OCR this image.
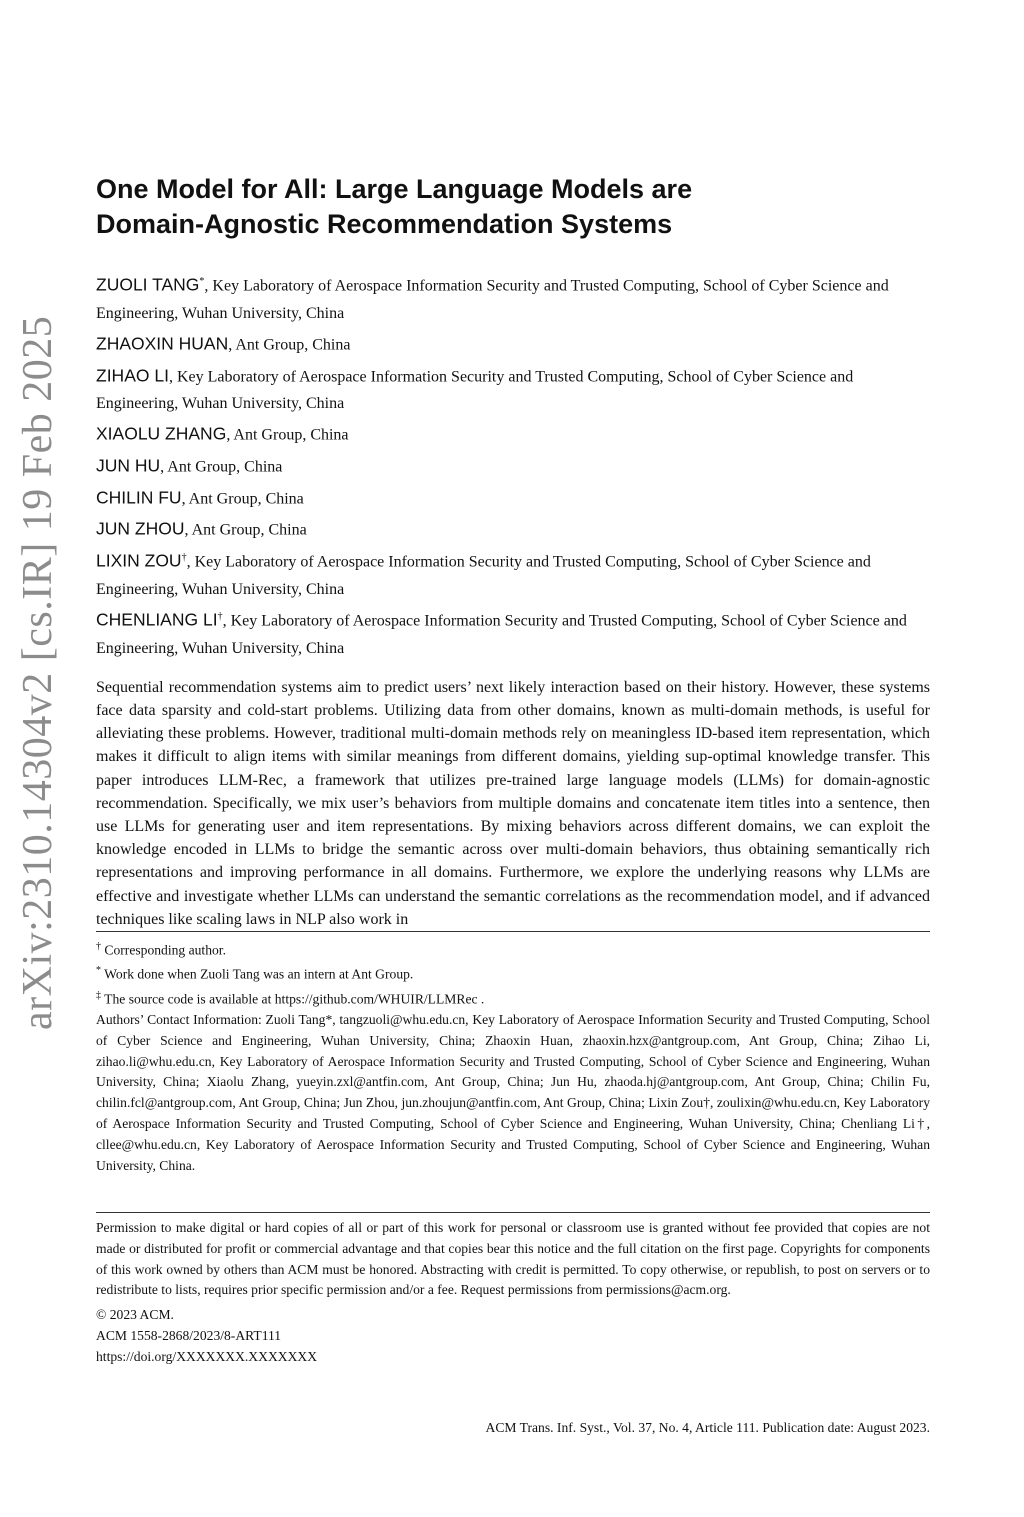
arXiv:2310.14304v2 [cs.IR] 19 Feb 2025
One Model for All: Large Language Models are
Domain-Agnostic Recommendation Systems

ZUOLI TANG*, Key Laboratory of Aerospace Information Security and Trusted Computing, School of Cyber Science and Engineering, Wuhan University, China

ZHAOXIN HUAN, Ant Group, China

ZIHAO LI, Key Laboratory of Aerospace Information Security and Trusted Computing, School of Cyber Science and Engineering, Wuhan University, China

XIAOLU ZHANG, Ant Group, China

JUN HU, Ant Group, China

CHILIN FU, Ant Group, China

JUN ZHOU, Ant Group, China

LIXIN ZOU†, Key Laboratory of Aerospace Information Security and Trusted Computing, School of Cyber Science and Engineering, Wuhan University, China

CHENLIANG LI†, Key Laboratory of Aerospace Information Security and Trusted Computing, School of Cyber Science and Engineering, Wuhan University, China

Sequential recommendation systems aim to predict users’ next likely interaction based on their history. However, these systems face data sparsity and cold-start problems. Utilizing data from other domains, known as multi-domain methods, is useful for alleviating these problems. However, traditional multi-domain methods rely on meaningless ID-based item representation, which makes it difficult to align items with similar meanings from different domains, yielding sup-optimal knowledge transfer. This paper introduces LLM-Rec, a framework that utilizes pre-trained large language models (LLMs) for domain-agnostic recommendation. Specifically, we mix user’s behaviors from multiple domains and concatenate item titles into a sentence, then use LLMs for generating user and item representations. By mixing behaviors across different domains, we can exploit the knowledge encoded in LLMs to bridge the semantic across over multi-domain behaviors, thus obtaining semantically rich representations and improving performance in all domains. Furthermore, we explore the underlying reasons why LLMs are effective and investigate whether LLMs can understand the semantic correlations as the recommendation model, and if advanced techniques like scaling laws in NLP also work in

† Corresponding author.

* Work done when Zuoli Tang was an intern at Ant Group.

‡ The source code is available at https://github.com/WHUIR/LLMRec .

Authors’ Contact Information: Zuoli Tang*, tangzuoli@whu.edu.cn, Key Laboratory of Aerospace Information Security and Trusted Computing, School of Cyber Science and Engineering, Wuhan University, China; Zhaoxin Huan, zhaoxin.hzx@antgroup.com, Ant Group, China; Zihao Li, zihao.li@whu.edu.cn, Key Laboratory of Aerospace Information Security and Trusted Computing, School of Cyber Science and Engineering, Wuhan University, China; Xiaolu Zhang, yueyin.zxl@antfin.com, Ant Group, China; Jun Hu, zhaoda.hj@antgroup.com, Ant Group, China; Chilin Fu, chilin.fcl@antgroup.com, Ant Group, China; Jun Zhou, jun.zhoujun@antfin.com, Ant Group, China; Lixin Zou†, zoulixin@whu.edu.cn, Key Laboratory of Aerospace Information Security and Trusted Computing, School of Cyber Science and Engineering, Wuhan University, China; Chenliang Li†, cllee@whu.edu.cn, Key Laboratory of Aerospace Information Security and Trusted Computing, School of Cyber Science and Engineering, Wuhan University, China.

Permission to make digital or hard copies of all or part of this work for personal or classroom use is granted without fee provided that copies are not made or distributed for profit or commercial advantage and that copies bear this notice and the full citation on the first page. Copyrights for components of this work owned by others than ACM must be honored. Abstracting with credit is permitted. To copy otherwise, or republish, to post on servers or to redistribute to lists, requires prior specific permission and/or a fee. Request permissions from permissions@acm.org.

© 2023 ACM.

ACM 1558-2868/2023/8-ART111

https://doi.org/XXXXXXX.XXXXXXX

ACM Trans. Inf. Syst., Vol. 37, No. 4, Article 111. Publication date: August 2023.
